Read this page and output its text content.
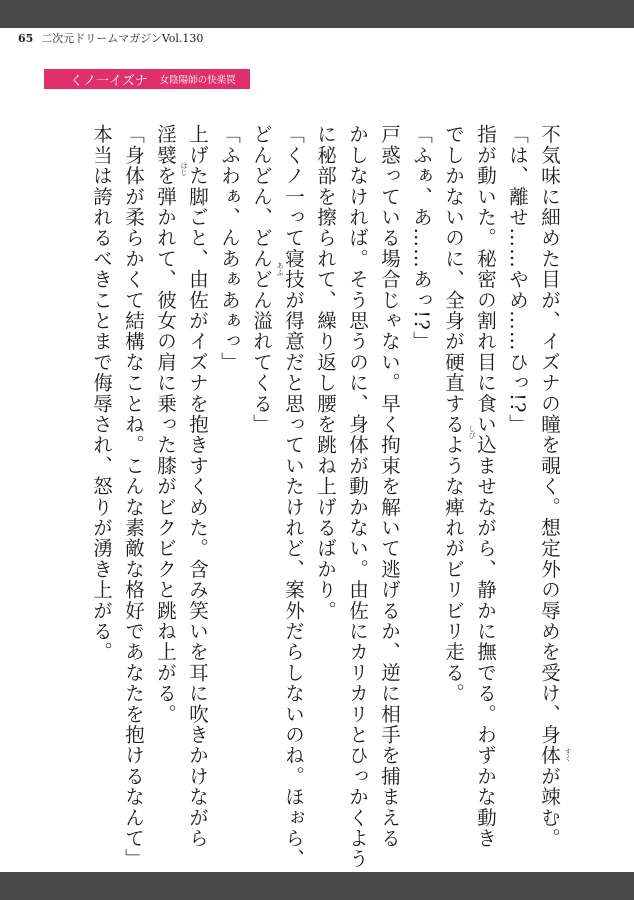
65 二次元ドリームマガジンVol.130
くノ一イズナ 女陰陽師の快楽罠
不気味に細めた目が、イズナの瞳を覗く。想定外の辱めを受け、身体が竦む。
「は、離せ……やめ……ひっ!?」
指が動いた。秘密の割れ目に食い込ませながら、静かに撫でる。わずかな動き
でしかないのに、全身が硬直するような痺れがビリビリ走る。
「ふぁ、あ……あっ!?」
戸惑っている場合じゃない。早く拘束を解いて逃げるか、逆に相手を捕まえる
かしなければ。そう思うのに、身体が動かない。由佐にカリカリとひっかくよう
に秘部を擦られて、繰り返し腰を跳ね上げるばかり。
「くノ一って寝技が得意だと思っていたけれど、案外だらしないのね。ほぉら、
どんどん、どんどん溢れてくる」
「ふわぁ、んあぁあぁっ」
上げた脚ごと、由佐がイズナを抱きすくめた。含み笑いを耳に吹きかけながら
淫襞を弾かれて、彼女の肩に乗った膝がビクビクと跳ね上がる。
「身体が柔らかくて結構なことね。こんな素敵な格好であなたを抱けるなんて」
本当は誇れるべきことまで侮辱され、怒りが湧き上がる。
すく
しび
あふ
はじ
